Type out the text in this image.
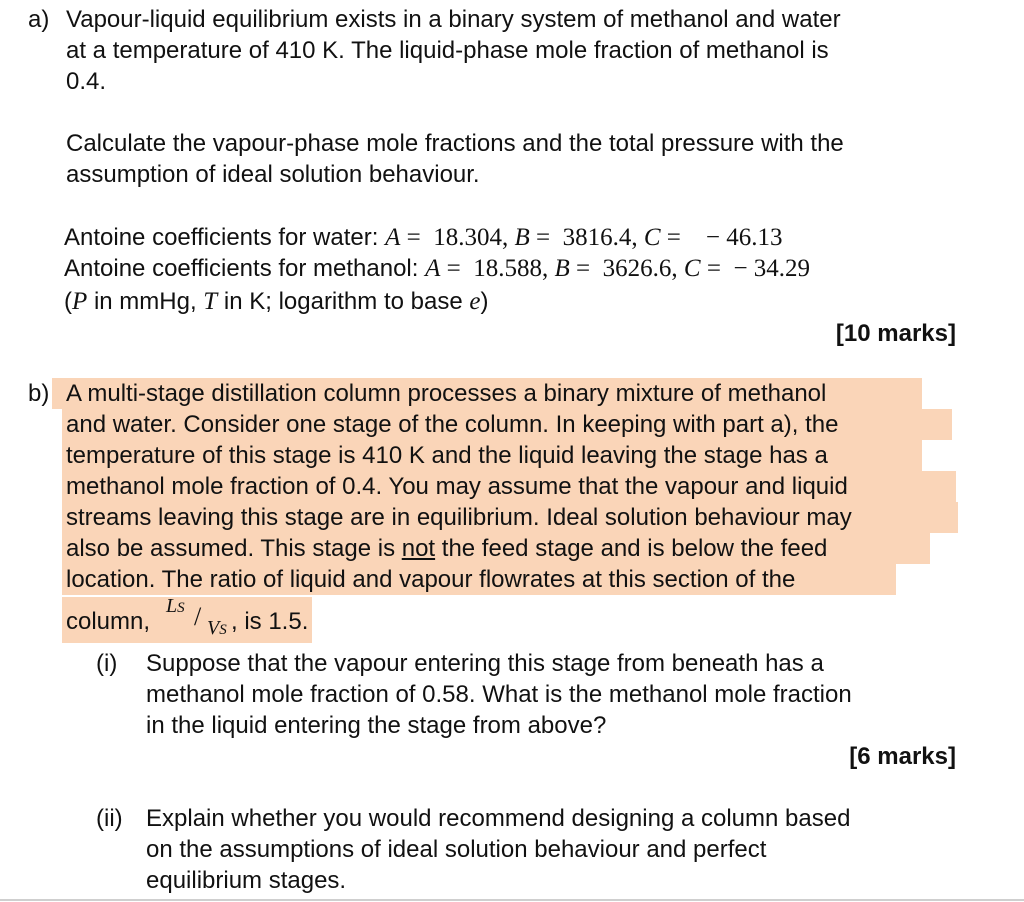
a) Vapour-liquid equilibrium exists in a binary system of methanol and water
at a temperature of 410 K. The liquid-phase mole fraction of methanol is
0.4.
Calculate the vapour-phase mole fractions and the total pressure with the
assumption of ideal solution behaviour.
Antoine coefficients for water: A =  18.304, B =  3816.4, C =    − 46.13
Antoine coefficients for methanol: A =  18.588, B =  3626.6, C =  − 34.29
(P in mmHg, T in K; logarithm to base e)
[10 marks]
b) A multi-stage distillation column processes a binary mixture of methanol
and water. Consider one stage of the column. In keeping with part a), the
temperature of this stage is 410 K and the liquid leaving the stage has a
methanol mole fraction of 0.4. You may assume that the vapour and liquid
streams leaving this stage are in equilibrium. Ideal solution behaviour may
also be assumed. This stage is not the feed stage and is below the feed
location. The ratio of liquid and vapour flowrates at this section of the
column,
LS / VS , is 1.5.
(i) Suppose that the vapour entering this stage from beneath has a
methanol mole fraction of 0.58. What is the methanol mole fraction
in the liquid entering the stage from above?
[6 marks]
(ii) Explain whether you would recommend designing a column based
on the assumptions of ideal solution behaviour and perfect
equilibrium stages.
